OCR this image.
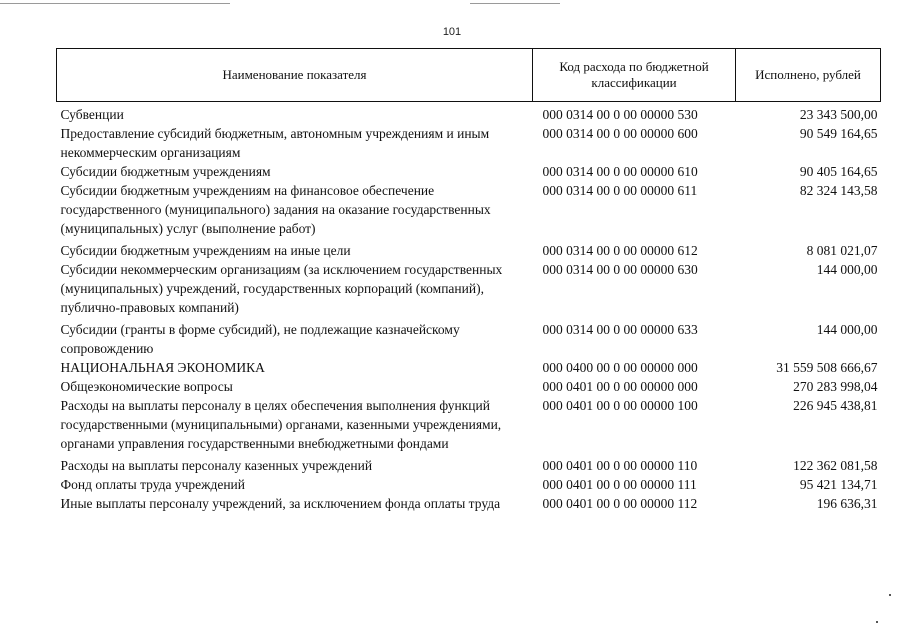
101
Наименование показателя	Код расхода по бюджетной классификации	Исполнено, рублей
Субвенции	000 0314 00 0 00 00000 530	23 343 500,00
Предоставление субсидий бюджетным, автономным учреждениям и иным некоммерческим организациям	000 0314 00 0 00 00000 600	90 549 164,65
Субсидии бюджетным учреждениям	000 0314 00 0 00 00000 610	90 405 164,65
Субсидии бюджетным учреждениям на финансовое обеспечение государственного (муниципального) задания на оказание государственных (муниципальных) услуг (выполнение работ)	000 0314 00 0 00 00000 611	82 324 143,58
Субсидии бюджетным учреждениям на иные цели	000 0314 00 0 00 00000 612	8 081 021,07
Субсидии некоммерческим организациям (за исключением государственных (муниципальных) учреждений, государственных корпораций (компаний), публично-правовых компаний)	000 0314 00 0 00 00000 630	144 000,00
Субсидии (гранты в форме субсидий), не подлежащие казначейскому сопровождению	000 0314 00 0 00 00000 633	144 000,00
НАЦИОНАЛЬНАЯ ЭКОНОМИКА	000 0400 00 0 00 00000 000	31 559 508 666,67
Общеэкономические вопросы	000 0401 00 0 00 00000 000	270 283 998,04
Расходы на выплаты персоналу в целях обеспечения выполнения функций государственными (муниципальными) органами, казенными учреждениями, органами управления государственными внебюджетными фондами	000 0401 00 0 00 00000 100	226 945 438,81
Расходы на выплаты персоналу казенных учреждений	000 0401 00 0 00 00000 110	122 362 081,58
Фонд оплаты труда учреждений	000 0401 00 0 00 00000 111	95 421 134,71
Иные выплаты персоналу учреждений, за исключением фонда оплаты труда	000 0401 00 0 00 00000 112	196 636,31
